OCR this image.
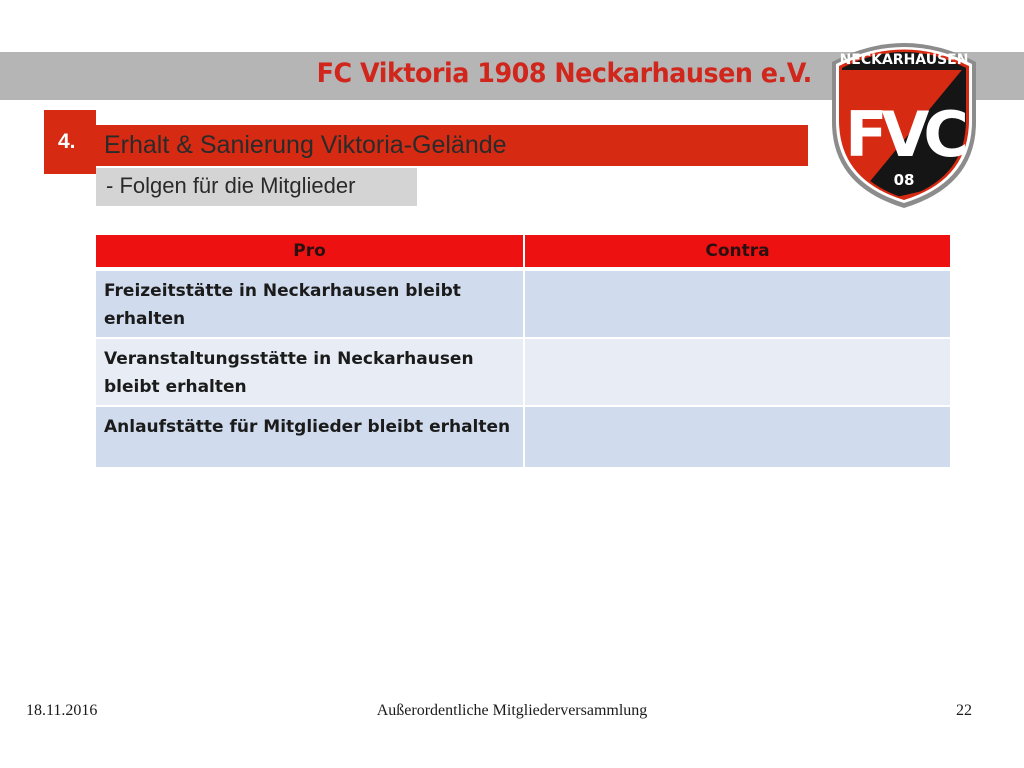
FC Viktoria 1908 Neckarhausen e.V. NECKARHAUSEN
FVC
08
4. Erhalt & Sanierung Viktoria-Gelände
- Folgen für die Mitglieder
Pro	Contra
Freizeitstätte in Neckarhausen bleibt erhalten	
Veranstaltungsstätte in Neckarhausen bleibt erhalten	
Anlaufstätte für Mitglieder bleibt erhalten	
18.11.2016	Außerordentliche Mitgliederversammlung	22
